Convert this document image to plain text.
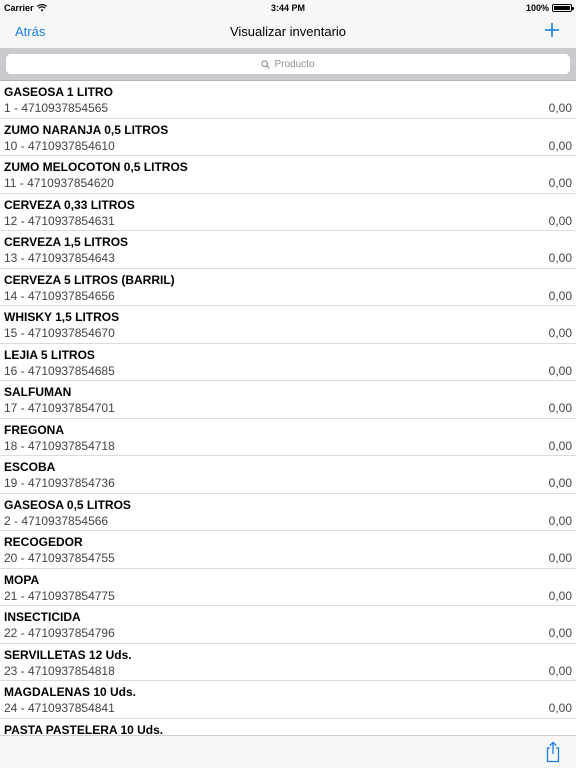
Carrier	3:44 PM	100%
Atrás	Visualizar inventario
Producto
GASEOSA 1 LITRO
1 - 4710937854565	0,00
ZUMO NARANJA 0,5 LITROS
10 - 4710937854610	0,00
ZUMO MELOCOTON 0,5 LITROS
11 - 4710937854620	0,00
CERVEZA 0,33 LITROS
12 - 4710937854631	0,00
CERVEZA 1,5 LITROS
13 - 4710937854643	0,00
CERVEZA 5 LITROS (BARRIL)
14 - 4710937854656	0,00
WHISKY 1,5 LITROS
15 - 4710937854670	0,00
LEJIA 5 LITROS
16 - 4710937854685	0,00
SALFUMAN
17 - 4710937854701	0,00
FREGONA
18 - 4710937854718	0,00
ESCOBA
19 - 4710937854736	0,00
GASEOSA 0,5 LITROS
2 - 4710937854566	0,00
RECOGEDOR
20 - 4710937854755	0,00
MOPA
21 - 4710937854775	0,00
INSECTICIDA
22 - 4710937854796	0,00
SERVILLETAS 12 Uds.
23 - 4710937854818	0,00
MAGDALENAS 10 Uds.
24 - 4710937854841	0,00
PASTA PASTELERA 10 Uds.
